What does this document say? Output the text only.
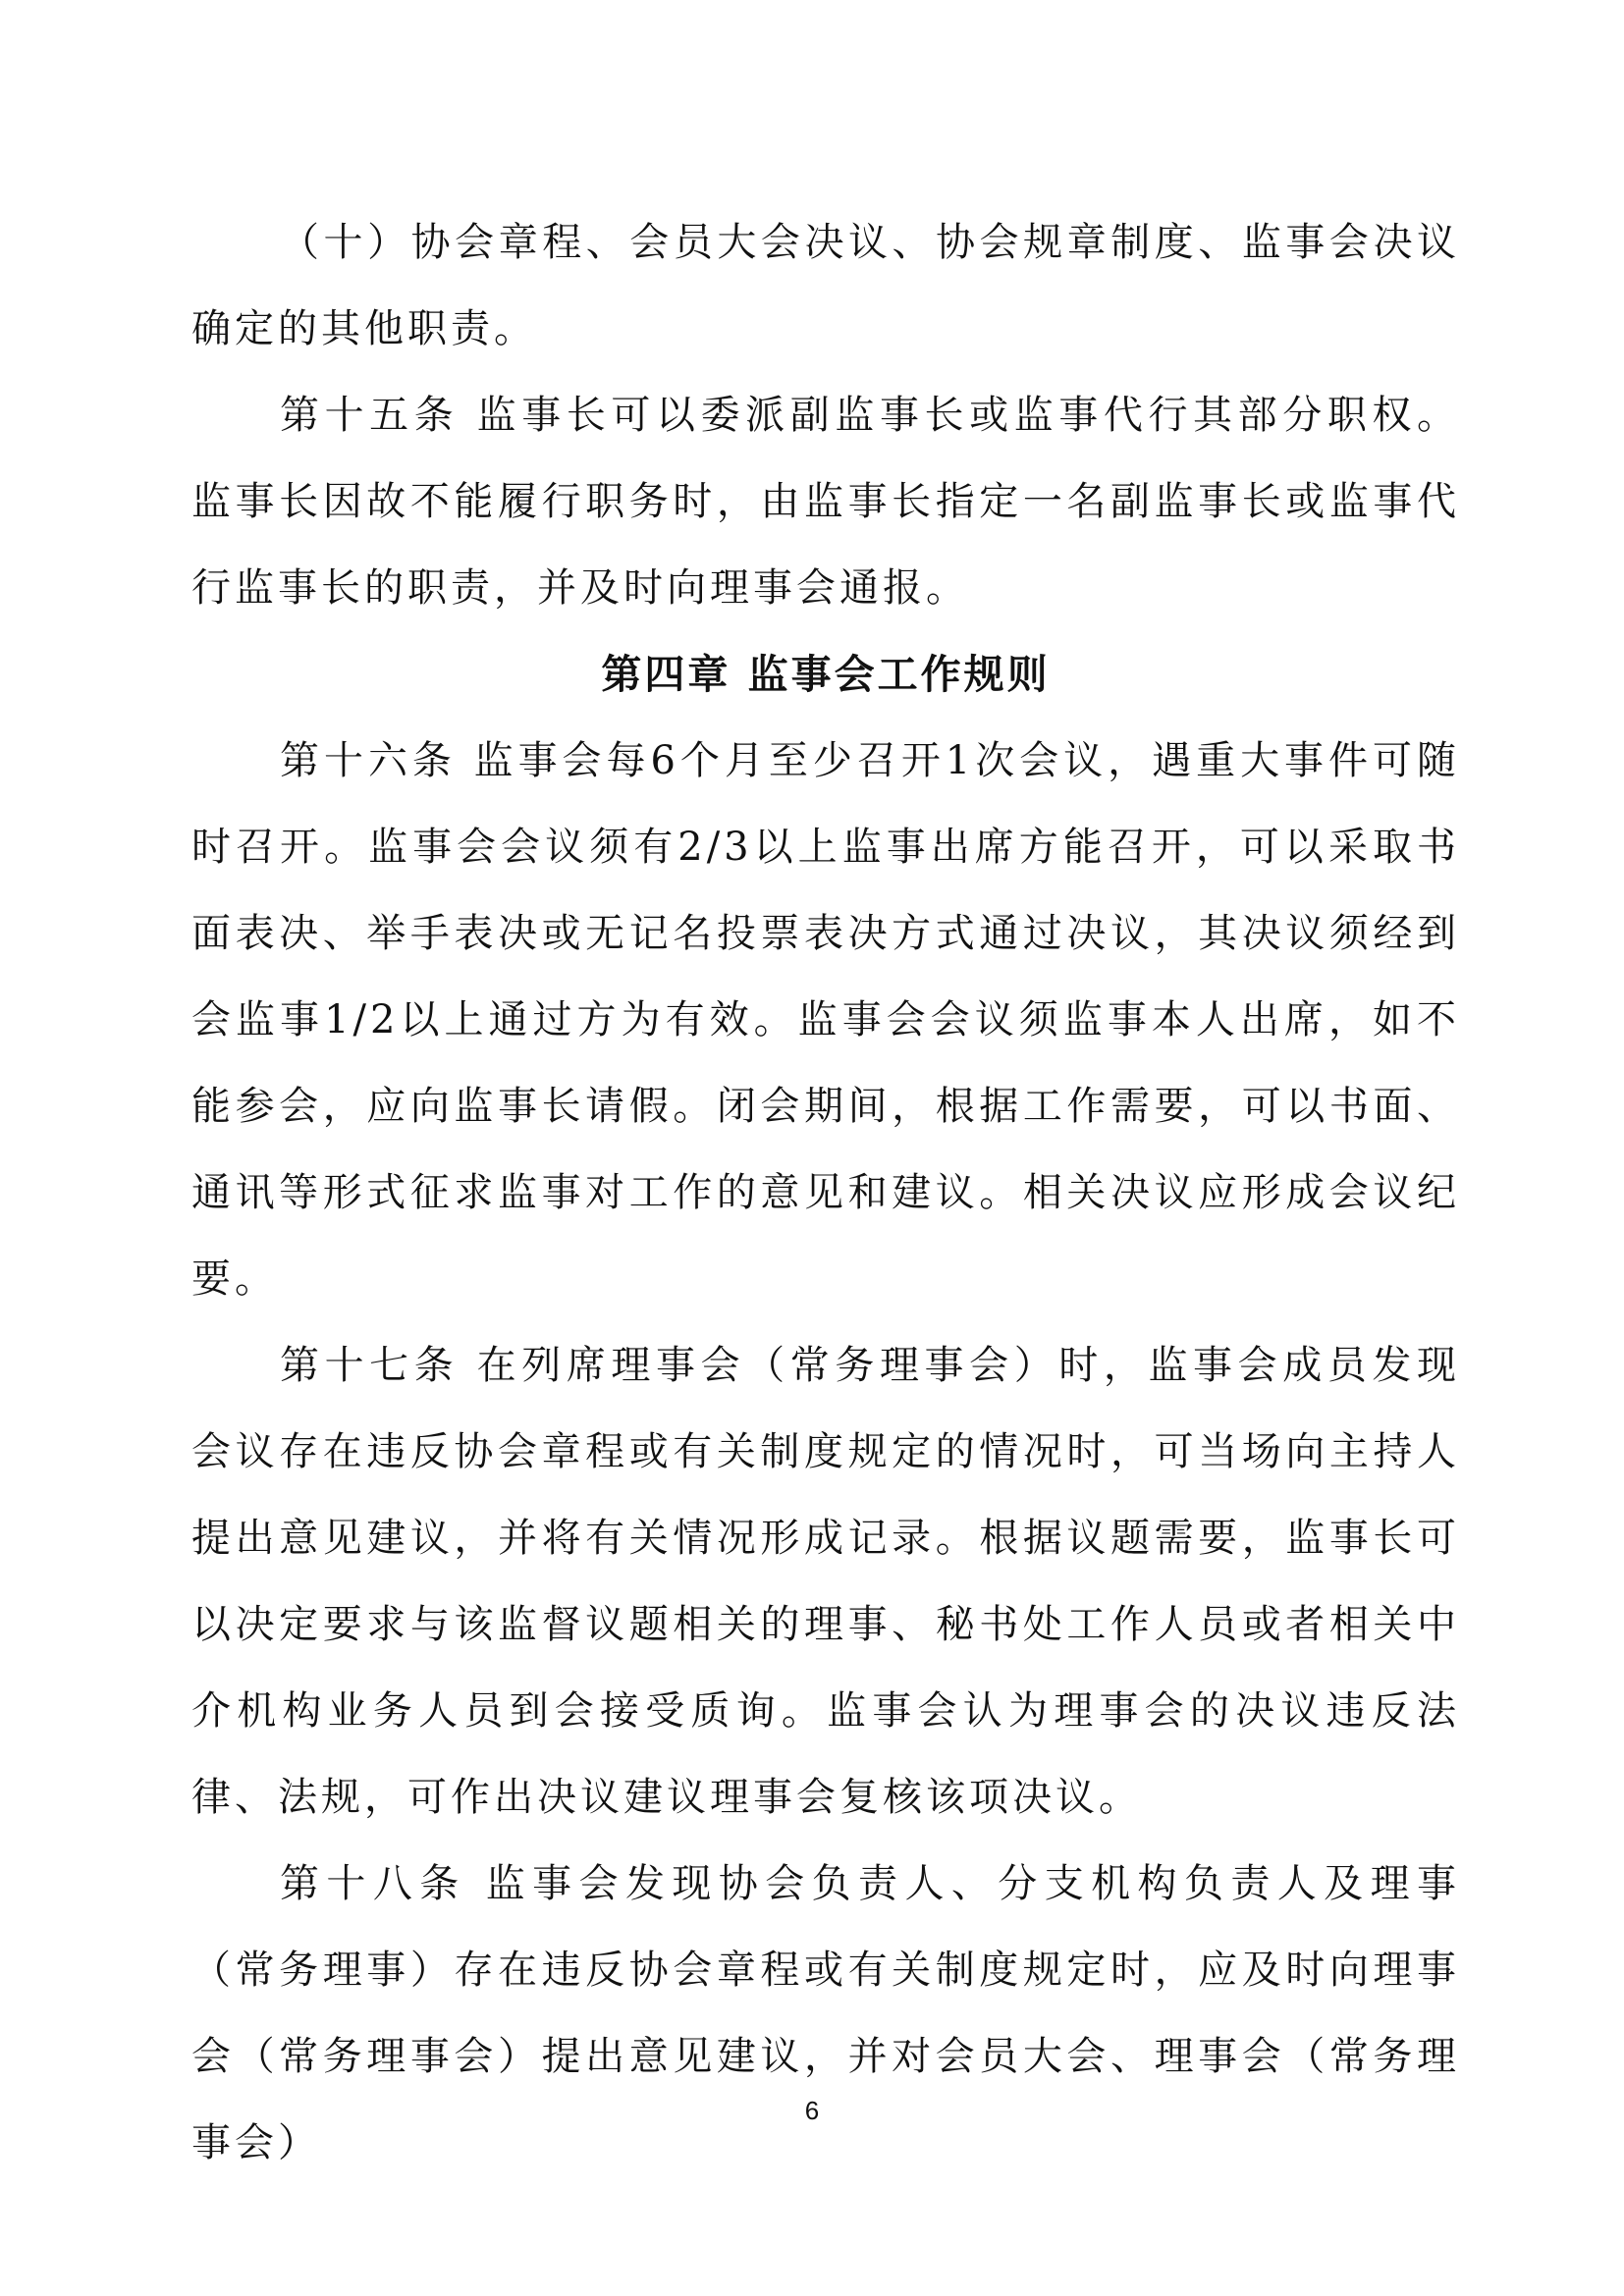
（十）协会章程、会员大会决议、协会规章制度、监事会决议确定的其他职责。

第十五条 监事长可以委派副监事长或监事代行其部分职权。监事长因故不能履行职务时，由监事长指定一名副监事长或监事代行监事长的职责，并及时向理事会通报。

第四章 监事会工作规则

第十六条 监事会每6个月至少召开1次会议，遇重大事件可随时召开。监事会会议须有2/3以上监事出席方能召开，可以采取书面表决、举手表决或无记名投票表决方式通过决议，其决议须经到会监事1/2以上通过方为有效。监事会会议须监事本人出席，如不能参会，应向监事长请假。闭会期间，根据工作需要，可以书面、通讯等形式征求监事对工作的意见和建议。相关决议应形成会议纪要。

第十七条 在列席理事会（常务理事会）时，监事会成员发现会议存在违反协会章程或有关制度规定的情况时，可当场向主持人提出意见建议，并将有关情况形成记录。根据议题需要，监事长可以决定要求与该监督议题相关的理事、秘书处工作人员或者相关中介机构业务人员到会接受质询。监事会认为理事会的决议违反法律、法规，可作出决议建议理事会复核该项决议。

第十八条 监事会发现协会负责人、分支机构负责人及理事（常务理事）存在违反协会章程或有关制度规定时，应及时向理事会（常务理事会）提出意见建议，并对会员大会、理事会（常务理事会）

6
